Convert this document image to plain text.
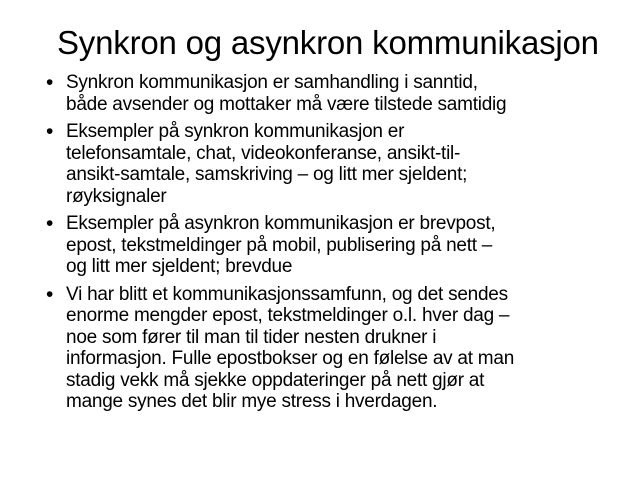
Synkron og asynkron kommunikasjon
• Synkron kommunikasjon er samhandling i sanntid,
både avsender og mottaker må være tilstede samtidig
• Eksempler på synkron kommunikasjon er
telefonsamtale, chat, videokonferanse, ansikt-til-
ansikt-samtale, samskriving – og litt mer sjeldent;
røyksignaler
• Eksempler på asynkron kommunikasjon er brevpost,
epost, tekstmeldinger på mobil, publisering på nett –
og litt mer sjeldent; brevdue
• Vi har blitt et kommunikasjonssamfunn, og det sendes
enorme mengder epost, tekstmeldinger o.l. hver dag –
noe som fører til man til tider nesten drukner i
informasjon. Fulle epostbokser og en følelse av at man
stadig vekk må sjekke oppdateringer på nett gjør at
mange synes det blir mye stress i hverdagen.
